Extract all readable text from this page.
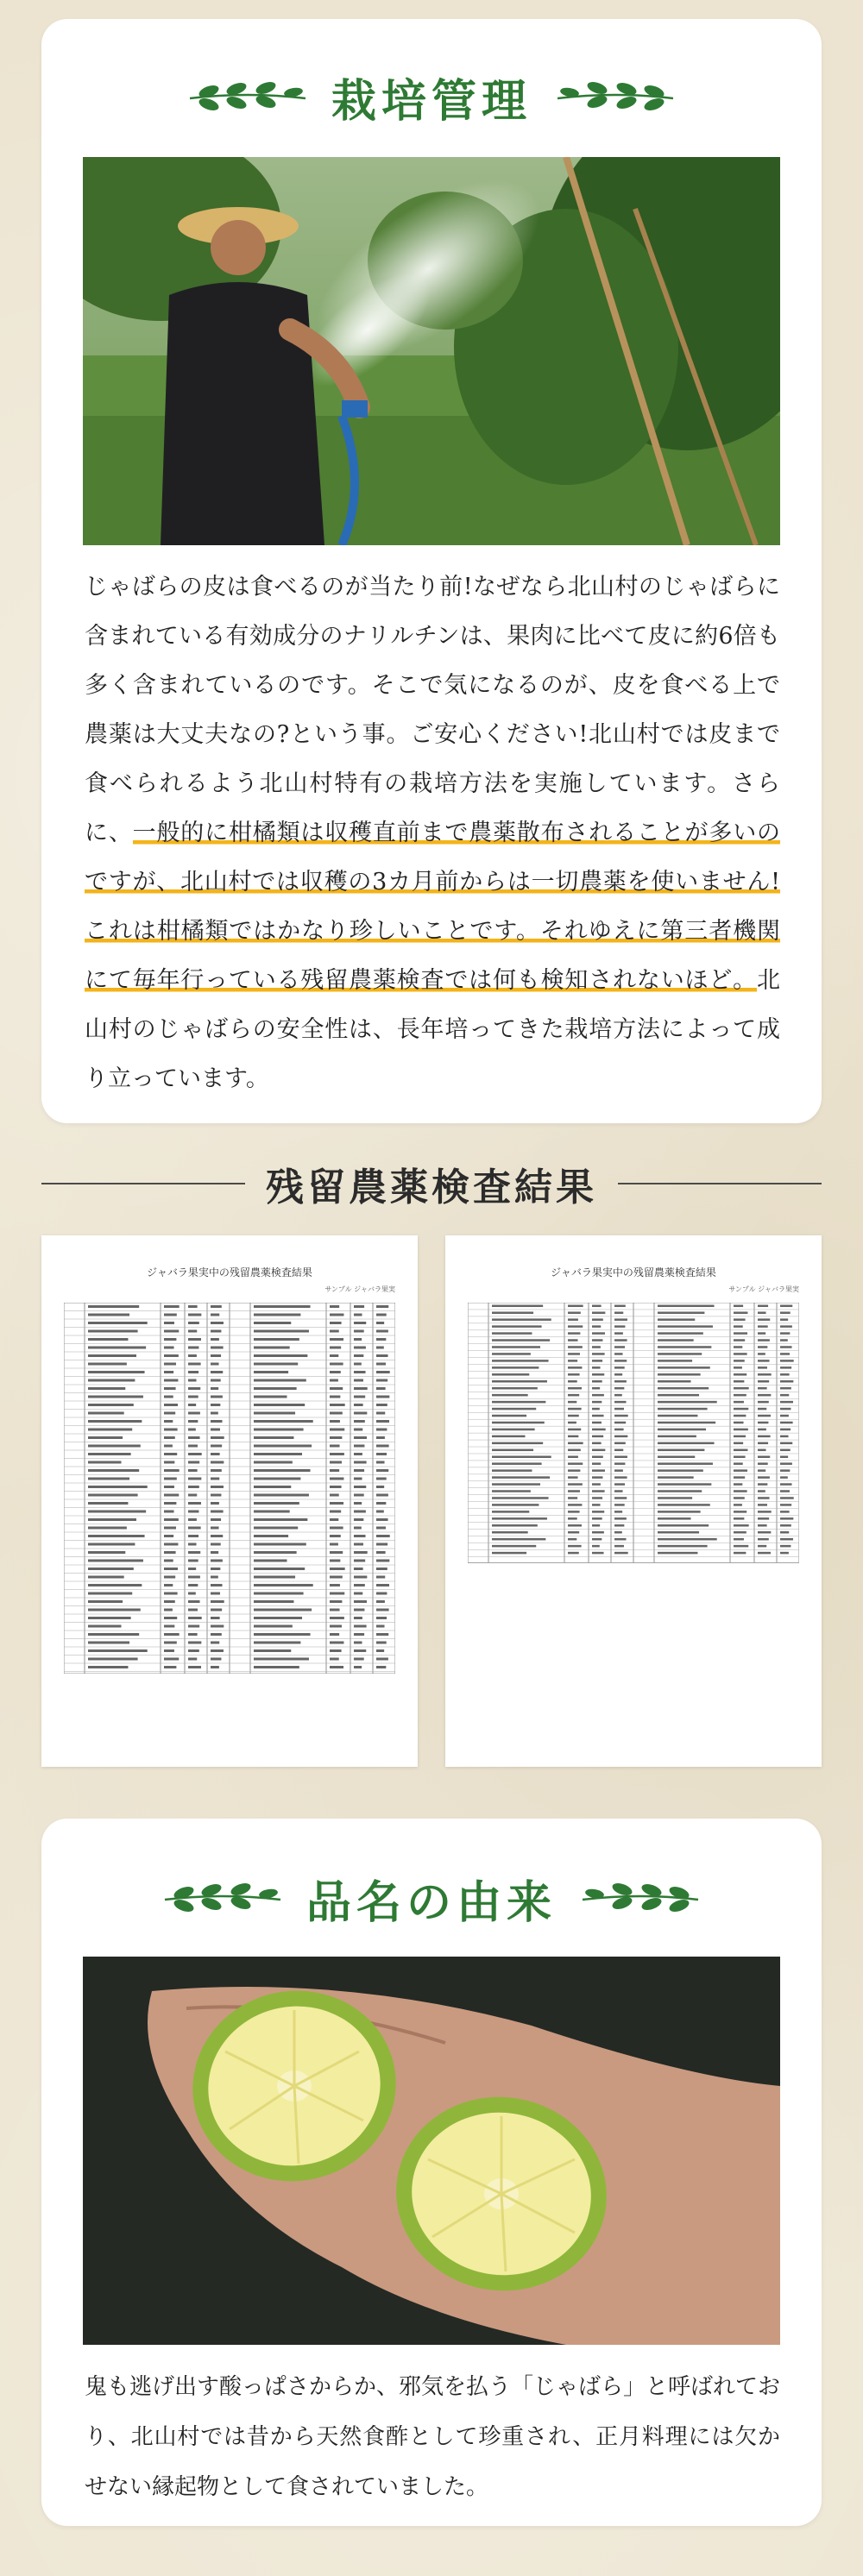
栽培管理

じゃばらの皮は食べるのが当たり前!なぜなら北山村のじゃばらに含まれている有効成分のナリルチンは、果肉に比べて皮に約6倍も多く含まれているのです。そこで気になるのが、皮を食べる上で農薬は大丈夫なの?という事。ご安心ください!北山村では皮まで食べられるよう北山村特有の栽培方法を実施しています。さらに、一般的に柑橘類は収穫直前まで農薬散布されることが多いのですが、北山村では収穫の3カ月前からは一切農薬を使いません!これは柑橘類ではかなり珍しいことです。それゆえに第三者機関にて毎年行っている残留農薬検査では何も検知されないほど。北山村のじゃばらの安全性は、長年培ってきた栽培方法によって成り立っています。

残留農薬検査結果
ジャバラ果実中の残留農薬検査結果
サンプル ジャバラ果実

ジャバラ果実中の残留農薬検査結果
サンプル ジャバラ果実

品名の由来

鬼も逃げ出す酸っぱさからか、邪気を払う「じゃばら」と呼ばれており、北山村では昔から天然食酢として珍重され、正月料理には欠かせない縁起物として食されていました。
